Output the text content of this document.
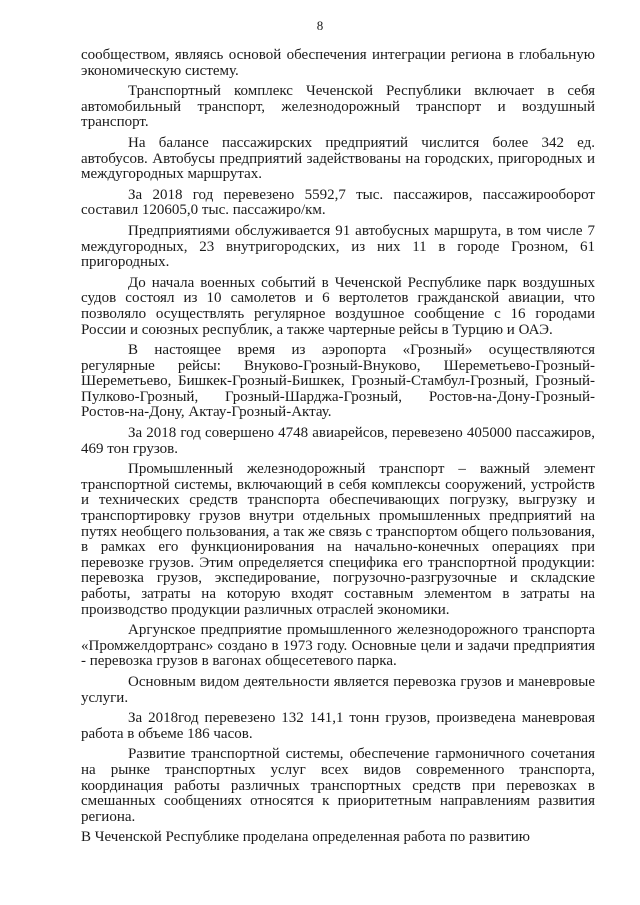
8

сообществом, являясь основой обеспечения интеграции региона в глобальную экономическую систему.

Транспортный комплекс Чеченской Республики включает в себя автомобильный транспорт, железнодорожный транспорт и воздушный транспорт.

На балансе пассажирских предприятий числится более 342 ед. автобусов. Автобусы предприятий задействованы на городских, пригородных и междугородных маршрутах.

За 2018 год перевезено 5592,7 тыс. пассажиров, пассажирооборот составил 120605,0 тыс. пассажиро/км.

Предприятиями обслуживается 91 автобусных маршрута, в том числе 7 междугородных, 23 внутригородских, из них 11 в городе Грозном, 61 пригородных.

До начала военных событий в Чеченской Республике парк воздушных судов состоял из 10 самолетов и 6 вертолетов гражданской авиации, что позволяло осуществлять регулярное воздушное сообщение с 16 городами России и союзных республик, а также чартерные рейсы в Турцию и ОАЭ.

В настоящее время из аэропорта «Грозный» осуществляются регулярные рейсы: Внуково-Грозный-Внуково, Шереметьево-Грозный-Шереметьево, Бишкек-Грозный-Бишкек, Грозный-Стамбул-Грозный, Грозный-Пулково-Грозный, Грозный-Шарджа-Грозный, Ростов-на-Дону-Грозный-Ростов-на-Дону, Актау-Грозный-Актау.

За 2018 год совершено 4748 авиарейсов, перевезено 405000 пассажиров, 469 тон грузов.

Промышленный железнодорожный транспорт – важный элемент транспортной системы, включающий в себя комплексы сооружений, устройств и технических средств транспорта обеспечивающих погрузку, выгрузку и транспортировку грузов внутри отдельных промышленных предприятий на путях необщего пользования, а так же связь с транспортом общего пользования, в рамках его функционирования на начально-конечных операциях при перевозке грузов. Этим определяется специфика его транспортной продукции: перевозка грузов, экспедирование, погрузочно-разгрузочные и складские работы, затраты на которую входят составным элементом в затраты на производство продукции различных отраслей экономики.

Аргунское предприятие промышленного железнодорожного транспорта «Промжелдортранс» создано в 1973 году. Основные цели и задачи предприятия - перевозка грузов в вагонах общесетевого парка.

Основным видом деятельности является перевозка грузов и маневровые услуги.

За 2018год перевезено 132 141,1 тонн грузов, произведена маневровая работа в объеме 186 часов.

Развитие транспортной системы, обеспечение гармоничного сочетания на рынке транспортных услуг всех видов современного транспорта, координация работы различных транспортных средств при перевозках в смешанных сообщениях относятся к приоритетным направлениям развития региона.

В Чеченской Республике проделана определенная работа по развитию
